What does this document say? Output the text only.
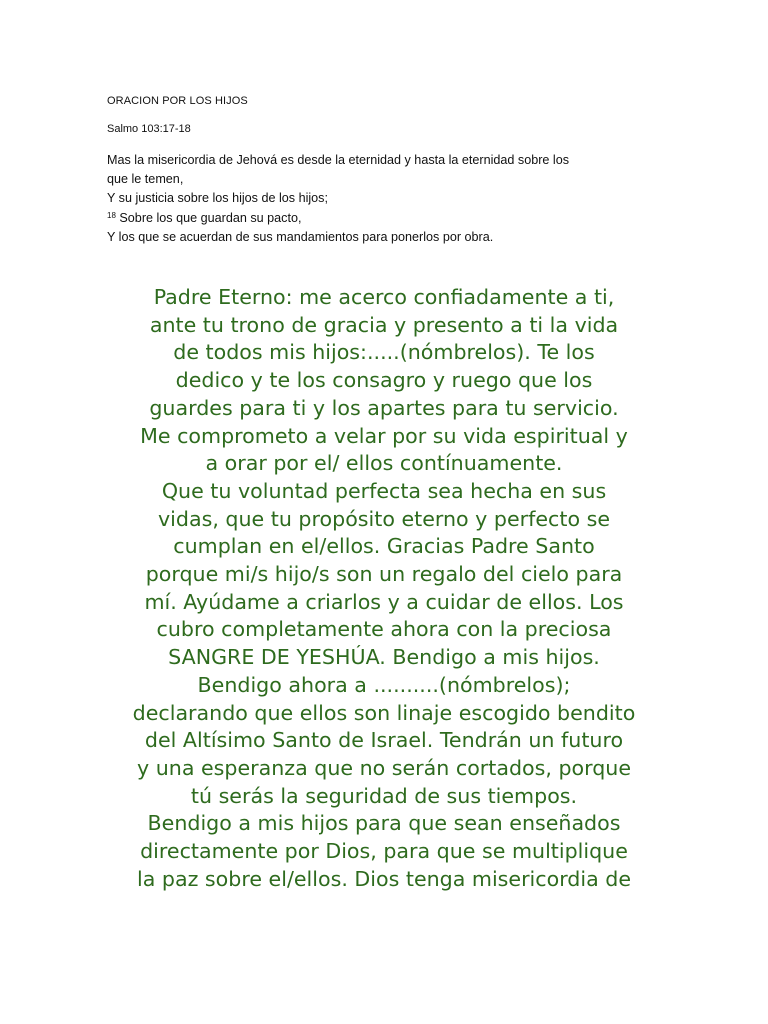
ORACION POR LOS HIJOS
Salmo 103:17-18
Mas la misericordia de Jehová es desde la eternidad y hasta la eternidad sobre los
que le temen,
Y su justicia sobre los hijos de los hijos;
$^{18}$ Sobre los que guardan su pacto,
Y los que se acuerdan de sus mandamientos para ponerlos por obra.
Padre Eterno: me acerco confiadamente a ti,
ante tu trono de gracia y presento a ti la vida
de todos mis hijos:.....(nómbrelos). Te los
dedico y te los consagro y ruego que los
guardes para ti y los apartes para tu servicio.
Me comprometo a velar por su vida espiritual y
a orar por el/ ellos contínuamente.
Que tu voluntad perfecta sea hecha en sus
vidas, que tu propósito eterno y perfecto se
cumplan en el/ellos. Gracias Padre Santo
porque mi/s hijo/s son un regalo del cielo para
mí. Ayúdame a criarlos y a cuidar de ellos. Los
cubro completamente ahora con la preciosa
SANGRE DE YESHÚA. Bendigo a mis hijos.
Bendigo ahora a ..........(nómbrelos);
declarando que ellos son linaje escogido bendito
del Altísimo Santo de Israel. Tendrán un futuro
y una esperanza que no serán cortados, porque
tú serás la seguridad de sus tiempos.
Bendigo a mis hijos para que sean enseñados
directamente por Dios, para que se multiplique
la paz sobre el/ellos. Dios tenga misericordia de
